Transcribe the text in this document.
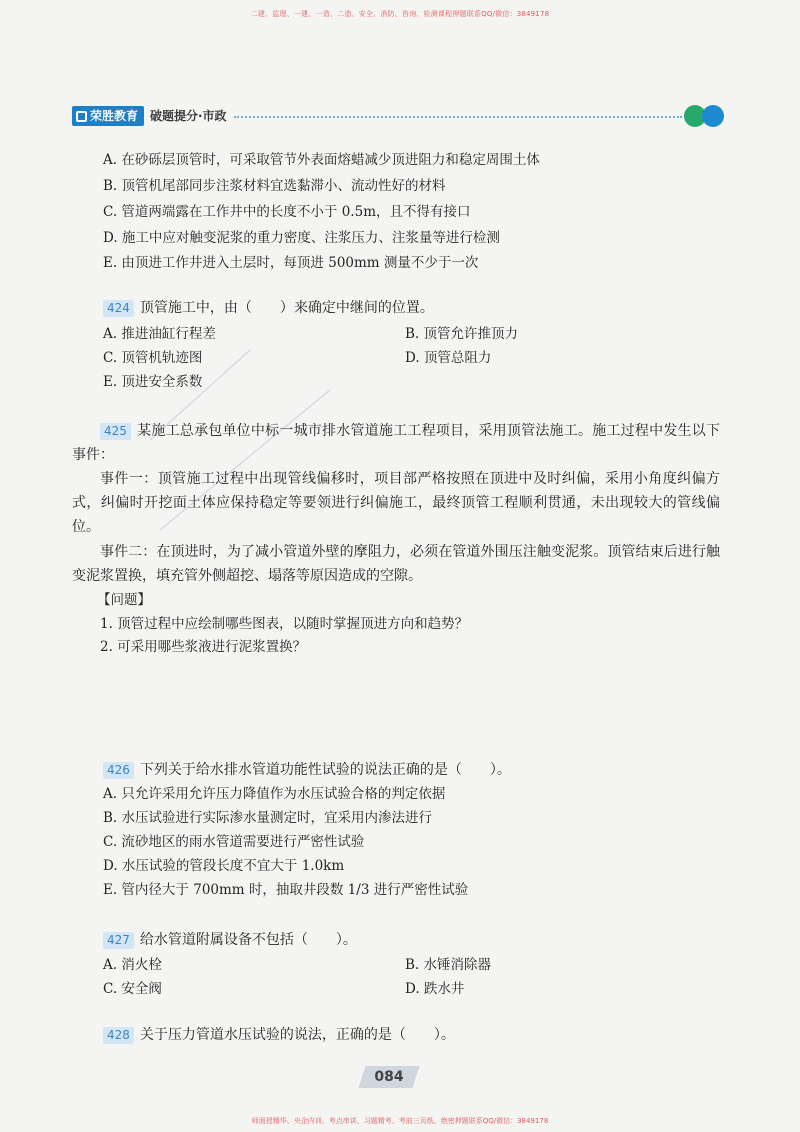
二建、监理、一建、一造、二造、安全、消防、咨询、检测课程押题联系QQ/微信：3849178
荣胜教育 破题提分·市政
A. 在砂砾层顶管时，可采取管节外表面熔蜡减少顶进阻力和稳定周围土体
B. 顶管机尾部同步注浆材料宜选黏滞小、流动性好的材料
C. 管道两端露在工作井中的长度不小于 0.5m，且不得有接口
D. 施工中应对触变泥浆的重力密度、注浆压力、注浆量等进行检测
E. 由顶进工作井进入土层时，每顶进 500mm 测量不少于一次
424 顶管施工中，由（　　）来确定中继间的位置。
A. 推进油缸行程差	B. 顶管允许推顶力
C. 顶管机轨迹图	D. 顶管总阻力
E. 顶进安全系数
425 某施工总承包单位中标一城市排水管道施工工程项目，采用顶管法施工。施工过程中发生以下事件：
事件一：顶管施工过程中出现管线偏移时，项目部严格按照在顶进中及时纠偏，采用小角度纠偏方式，纠偏时开挖面土体应保持稳定等要领进行纠偏施工，最终顶管工程顺利贯通，未出现较大的管线偏位。
事件二：在顶进时，为了减小管道外壁的摩阻力，必须在管道外围压注触变泥浆。顶管结束后进行触变泥浆置换，填充管外侧超挖、塌落等原因造成的空隙。
【问题】
1. 顶管过程中应绘制哪些图表，以随时掌握顶进方向和趋势？
2. 可采用哪些浆液进行泥浆置换？
426 下列关于给水排水管道功能性试验的说法正确的是（　　）。
A. 只允许采用允许压力降值作为水压试验合格的判定依据
B. 水压试验进行实际渗水量测定时，宜采用内渗法进行
C. 流砂地区的雨水管道需要进行严密性试验
D. 水压试验的管段长度不宜大于 1.0km
E. 管内径大于 700mm 时，抽取井段数 1/3 进行严密性试验
427 给水管道附属设备不包括（　　）。
A. 消火栓	B. 水锤消除器
C. 安全阀	D. 跌水井
428 关于压力管道水压试验的说法，正确的是（　　）。
084
师面授精华、央企内训、考点串讲、习题精考、考前三页纸、绝密押题联系QQ/微信：3849178
